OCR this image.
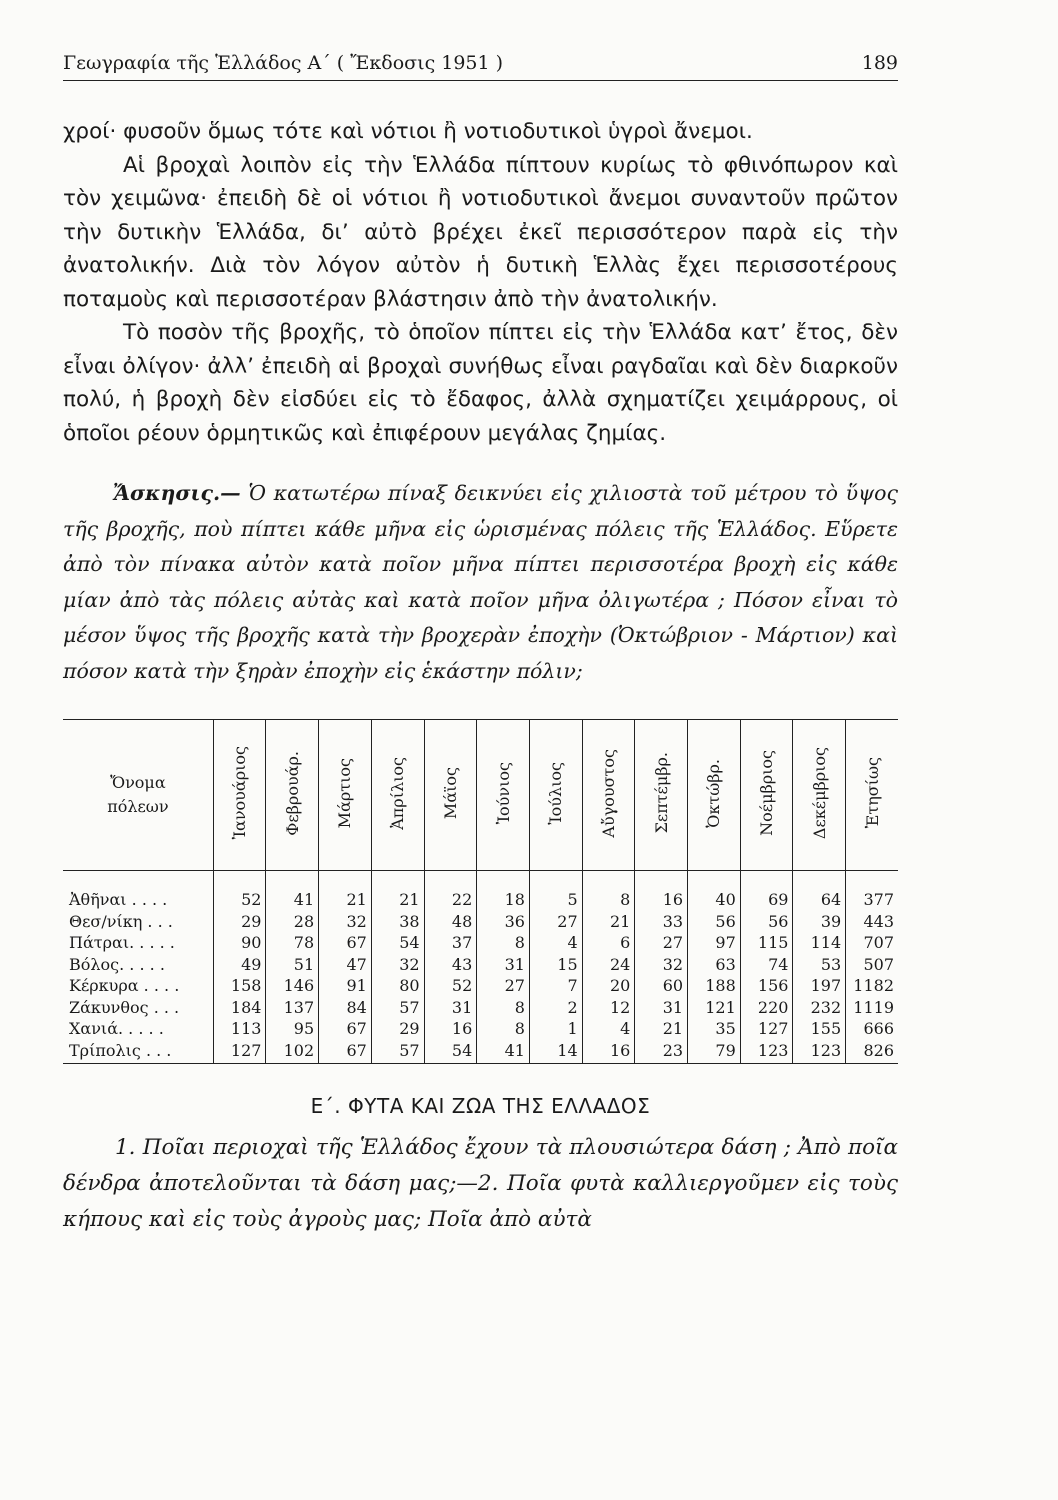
Γεωγραφία τῆς Ἑλλάδος Α΄ ( Ἔκδοσις 1951 )	189

χροί· φυσοῦν ὅμως τότε καὶ νότιοι ἢ νοτιοδυτικοὶ ὑγροὶ ἄνεμοι.

Αἱ βροχαὶ λοιπὸν εἰς τὴν Ἑλλάδα πίπτουν κυρίως τὸ φθινόπωρον καὶ τὸν χειμῶνα· ἐπειδὴ δὲ οἱ νότιοι ἢ νοτιοδυτικοὶ ἄνεμοι συναντοῦν πρῶτον τὴν δυτικὴν Ἑλλάδα, δι’ αὐτὸ βρέχει ἐκεῖ περισσότερον παρὰ εἰς τὴν ἀνατολικήν. Διὰ τὸν λόγον αὐτὸν ἡ δυτικὴ Ἑλλὰς ἔχει περισσοτέρους ποταμοὺς καὶ περισσοτέραν βλάστησιν ἀπὸ τὴν ἀνατολικήν.

Τὸ ποσὸν τῆς βροχῆς, τὸ ὁποῖον πίπτει εἰς τὴν Ἑλλάδα κατ’ ἔτος, δὲν εἶναι ὀλίγον· ἀλλ’ ἐπειδὴ αἱ βροχαὶ συνήθως εἶναι ραγδαῖαι καὶ δὲν διαρκοῦν πολύ, ἡ βροχὴ δὲν εἰσδύει εἰς τὸ ἔδαφος, ἀλλὰ σχηματίζει χειμάρρους, οἱ ὁποῖοι ρέουν ὁρμητικῶς καὶ ἐπιφέρουν μεγάλας ζημίας.

Ἄσκησις.— Ὁ κατωτέρω πίναξ δεικνύει εἰς χιλιοστὰ τοῦ μέτρου τὸ ὕψος τῆς βροχῆς, ποὺ πίπτει κάθε μῆνα εἰς ὡρισμένας πόλεις τῆς Ἑλλάδος. Εὕρετε ἀπὸ τὸν πίνακα αὐτὸν κατὰ ποῖον μῆνα πίπτει περισσοτέρα βροχὴ εἰς κάθε μίαν ἀπὸ τὰς πόλεις αὐτὰς καὶ κατὰ ποῖον μῆνα ὀλιγωτέρα ; Πόσον εἶναι τὸ μέσον ὕψος τῆς βροχῆς κατὰ τὴν βροχερὰν ἐποχὴν (Ὀκτώβριον - Μάρτιον) καὶ πόσον κατὰ τὴν ξηρὰν ἐποχὴν εἰς ἑκάστην πόλιν;

Ὄνομα
πόλεων	Ἰανουάριος	Φεβρουάρ.	Μάρτιος	Ἀπρίλιος	Μάϊος	Ἰούνιος	Ἰούλιος	Αὔγουστος	Σεπτέμβρ.	Ὀκτώβρ.	Νοέμβριος	Δεκέμβριος	Ἐτησίως
Ἀθῆναι . . . .	52	41	21	21	22	18	5	8	16	40	69	64	377
Θεσ/νίκη . . .	29	28	32	38	48	36	27	21	33	56	56	39	443
Πάτραι. . . . .	90	78	67	54	37	8	4	6	27	97	115	114	707
Βόλος. . . . .	49	51	47	32	43	31	15	24	32	63	74	53	507
Κέρκυρα . . . .	158	146	91	80	52	27	7	20	60	188	156	197	1182
Ζάκυνθος . . .	184	137	84	57	31	8	2	12	31	121	220	232	1119
Χανιά. . . . .	113	95	67	29	16	8	1	4	21	35	127	155	666
Τρίπολις . . .	127	102	67	57	54	41	14	16	23	79	123	123	826
Ε΄. ΦΥΤΑ ΚΑΙ ΖΩΑ ΤΗΣ ΕΛΛΑΔΟΣ

1. Ποῖαι περιοχαὶ τῆς Ἑλλάδος ἔχουν τὰ πλουσιώτερα δάση ; Ἀπὸ ποῖα δένδρα ἀποτελοῦνται τὰ δάση μας;—2. Ποῖα φυτὰ καλλιεργοῦμεν εἰς τοὺς κήπους καὶ εἰς τοὺς ἀγροὺς μας; Ποῖα ἀπὸ αὐτὰ
